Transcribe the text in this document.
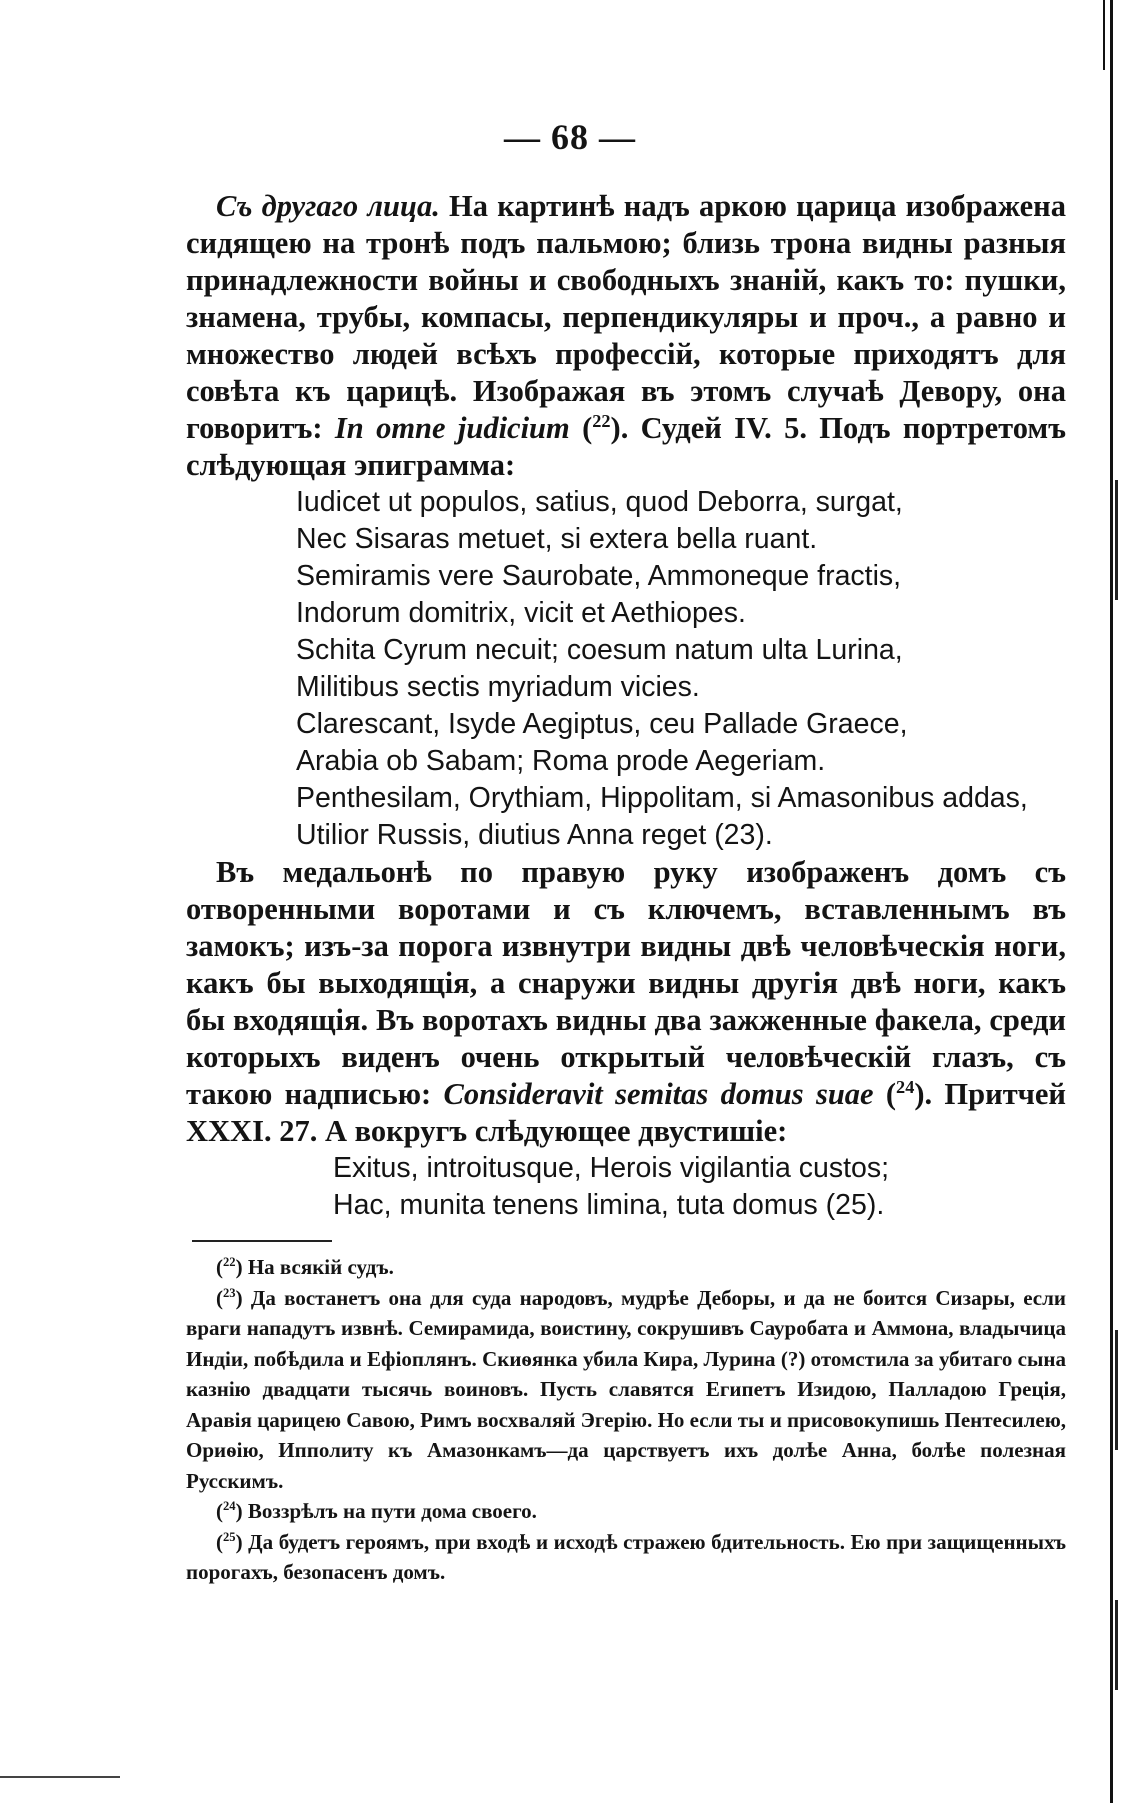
— 68 —

Съ другаго лица. На картинѣ надъ аркою царица изображена сидящею на тронѣ подъ пальмою; близь трона видны разныя принадлежности войны и свободныхъ знаній, какъ то: пушки, знамена, трубы, компасы, перпендикуляры и проч., а равно и множество людей всѣхъ профессій, которые приходятъ для совѣта къ царицѣ. Изображая въ этомъ случаѣ Девору, она говоритъ: In omne judicium ($^{22}$). Судей IV. 5. Подъ портретомъ слѣдующая эпиграмма:

Iudicet ut populos, satius, quod Deborra, surgat,
Nec Sisaras metuet, si extera bella ruant.
Semiramis vere Saurobate, Ammoneque fractis,
Indorum domitrix, vicit et Aethiopes.
Schita Cyrum necuit; coesum natum ulta Lurina,
Militibus sectis myriadum vicies.
Clarescant, Isyde Aegiptus, ceu Pallade Graece,
Arabia ob Sabam; Roma prode Aegeriam.
Penthesilam, Orythiam, Hippolitam, si Amasonibus addas,
Utilior Russis, diutius Anna reget (23).

Въ медальонѣ по правую руку изображенъ домъ съ отворенными воротами и съ ключемъ, вставленнымъ въ замокъ; изъ-за порога извнутри видны двѣ человѣческія ноги, какъ бы выходящія, а снаружи видны другія двѣ ноги, какъ бы входящія. Въ воротахъ видны два зажженные факела, среди которыхъ виденъ очень открытый человѣческій глазъ, съ такою надписью: Consideravit semitas domus suae ($^{24}$). Притчей XXXI. 27. А вокругъ слѣдующее двустишіе:

Exitus, introitusque, Herois vigilantia custos;
Hac, munita tenens limina, tuta domus (25).

($^{22}$) На всякій судъ.

($^{23}$) Да востанетъ она для суда народовъ, мудрѣе Деборы, и да не боится Сизары, если враги нападутъ извнѣ. Семирамида, воистину, сокрушивъ Сауробата и Аммона, владычица Индіи, побѣдила и Ефіоплянъ. Скиѳянка убила Кира, Лурина (?) отомстила за убитаго сына казнію двадцати тысячь воиновъ. Пусть славятся Египетъ Изидою, Палладою Греція, Аравія царицею Савою, Римъ восхваляй Эгерію. Но если ты и присовокупишь Пентесилею, Ориѳію, Ипполиту къ Амазонкамъ—да царствуетъ ихъ долѣе Анна, болѣе полезная Русскимъ.

($^{24}$) Воззрѣлъ на пути дома своего.

($^{25}$) Да будетъ героямъ, при входѣ и исходѣ стражею бдительность. Ею при защищенныхъ порогахъ, безопасенъ домъ.
